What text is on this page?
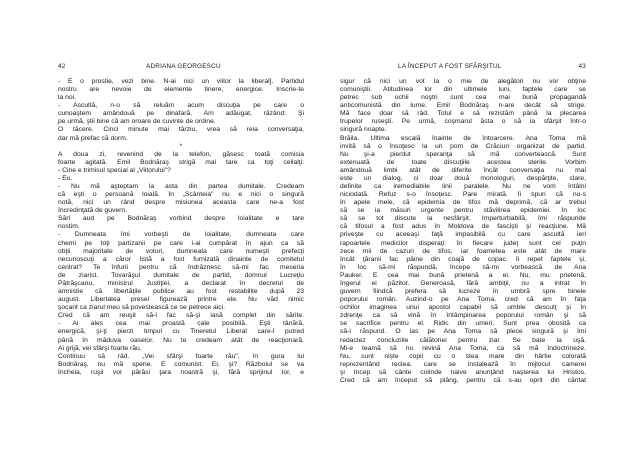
42	ADRIANA GEORGESCU
- E o prostie, vezi bine. N-ai nici un viitor la liberal]. Partidul
nostru are nevoie de elemente tinere, energice. Inscrie-te
la noi.
- Ascultă, n-o să reluăm acum discuţia pe care o
cunoaştem amândouă pe dinafară. Am adăugat, râzând: Şi
pe urmă, ştii bine că am oroare de cuvinte de ordine.
O tăcere. Cinci minute mai târziu, vrea să reia conversaţia,
dar mă prefac că dorm.
*
A doua zi, revenind de la telefon, găsesc toată comisia
foarte agitată. Emil Bodnăraş strigă mai tare ca toţi ceilalţi:
- Cine e trimisul special al „Viitorului"?
- Eu.
- Nu mă aşteptam la asta din partea dumitale. Credeam
că eşti o persoană loială. În „Scânteia" nu e nici o singură
notă, nici un rând despre misiunea aceasta care ne-a fost
încredinţată de guvern.
Sărl aud pe Bodnăraş vorbind despre loialitate e tare
nostim.
- Dumneata îmi vorbeşti de loialitate, dumneata care
chemi pe toţi partizanii pe care i-ai cumpărat în ajun ca să
obţii majoritate de voturi, dumneata care numeşti prefecţi
necunoscuţi a căror listă a fost furnizată dinainte de comitetul
central? Te înfurii pentru că îndrăznesc să-mi fac meseria
de ziarist. Tovarăşul dumitale de partid, domnul Lucreţiu
Pătrăşcanu, ministrul Justiţiei, a declarat în decretul de
amnistie că libertăţile publice au fost restabilite după 23
august. Libertatea presei figurează printre ele. Nu văd nimic
şocant ca ziarul meu să povestească ce se petrece aici.
Cred că am reuşit să-l fac să-şi iasă complet din sărite.
- Ai ales cea mai proastă cale posibilă. Eşti tânără,
energică, şi-ţi pierzi timpul cu Tineretul Liberal care-l putred
până în măduva oaselor. Nu te credeam atât de reacţionară.
Ai grijă, vei sfârşi foarte rău.
Continuu să râd. „Vei sfârşi foarte rău", în gura lui
Bodnăraş, nu mă sperie. E comunist. Ei, şi? Războiul se va
încheia, ruşii vor părăsi ţara noastră şi, fără sprijinul lor, e
LA ÎNCEPUT A FOST SFÂRŞITUL	43
sigur că nici un vot la o mie de alegători nu vor obţine
comuniştii. Atitudinea lor din ultimele luni, faptele care se
petrec sub ochii noştri sunt cea mai bună propagandă
anticomunistă din lume. Emil Bodnăraş n-are decât să strige.
Mă face doar să râd. Totul e să rezistăm până la plecarea
trupelor ruseşti. Pe urmă, coşmarul ăsta o să ia sfârşit într-o
singură noapte.
Brăila. Ultima escală înainte de întoarcere. Ana Toma mă
invită să o însoţesc la un pom de Crăciun organizat de partid.
Nu şi-a pierdut speranţa să mă convertească. Sunt
extenuată de toate discuţiile acestea sterile. Vorbim
amândouă limbi atât de diferite încât conversaţia nu mai
este un dialog, ci doar două monologuri, despărţite, clare,
definite ca iremediabile linii paralele. Nu ne vom întâlni
niciodată. Refuz s-o însoţesc. Pare mirată. Îi spun că nu-s
în apele mele, că epidemia de tifos mă deprimă, că ar trebui
să se ia măsuri urgente pentru stăvilirea epidemiei. În loc
să se tot discute la nesfârşit. Imperturbabilă, îmi răspunde
că tifosul a fost adus în Moldova de fascişti şi reacţiune. Mă
privește cu aceeaşi faţă impasibilă cu care ascultă ieri
rapoartele medicilor disperaţi: în fiecare judeţ sunt cel puţin
zece mii de cazuri de tifos, iar foametea este atât de mare
încât ţăranii fac pâine din coajă de copac. Îi repet faptele şi,
în loc să-mi răspundă, începe să-mi vorbească de Ana
Pauker. E cea mai bună prietenă a ei. Nu, mu prietenă,
îngerul ei păzitor. Generoasă, fără ambiţii, nu a intrat în
guvern fiindcă prefera să lucreze în umbră spre binele
poporului român. Auzind-o pe Ana Toma, cred că am în faţa
ochilor imaginea unui apostol capabil să umble desculţ şi în
zdrenţe ca să vină în întâmpinarea poporului român şi să
se sacrifice pentru el. Ridic din umeri. Sunt prea obosită ca
să-i răspund. O las pe Ana Toma să plece singură şi îmi
redactez concluziile călătoriei pentru ziar. Se bate la uşă.
Mi-e teamă să nu revină Ana Toma, ca să mă îndoctrineze.
Nu, sunt niște copii cu o stea mare din hârtie colorată
reprezentând reclea, care se instalează în mijlocul camerei
şi încep să cânte colinde naive anunţând naşterea lui Hristos.
Cred că am început să plâng, pentru că s-au oprit din cântat
